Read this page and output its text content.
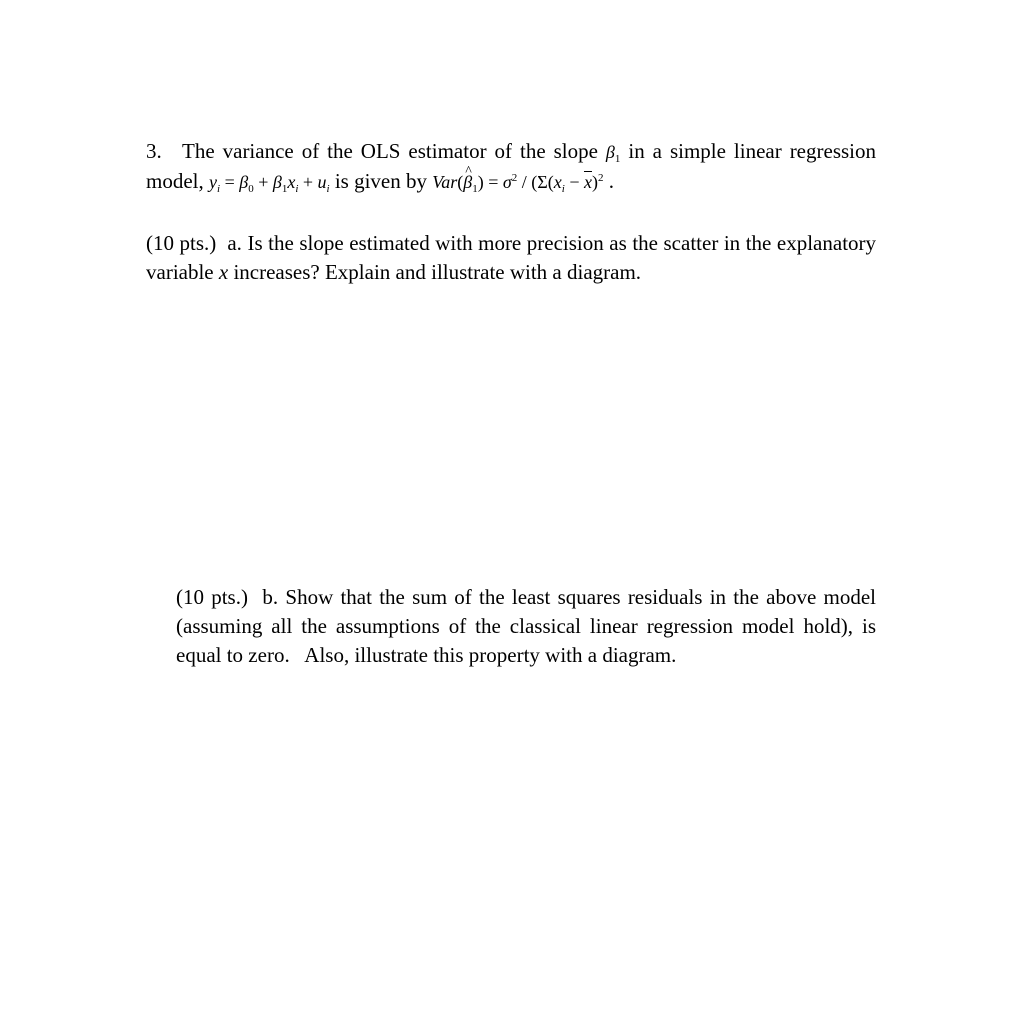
3. The variance of the OLS estimator of the slope $\beta_1$ in a simple linear regression model, $y_i = \beta_0 + \beta_1x_i + u_i$ is given by Var(^ $\beta_1) = \sigma^2 / (\Sigma(x_i - \overline{x})^2$ .
(10 pts.) a. Is the slope estimated with more precision as the scatter in the explanatory variable x increases? Explain and illustrate with a diagram.
(10 pts.) b. Show that the sum of the least squares residuals in the above model (assuming all the assumptions of the classical linear regression model hold), is equal to zero.   Also, illustrate this property with a diagram.
